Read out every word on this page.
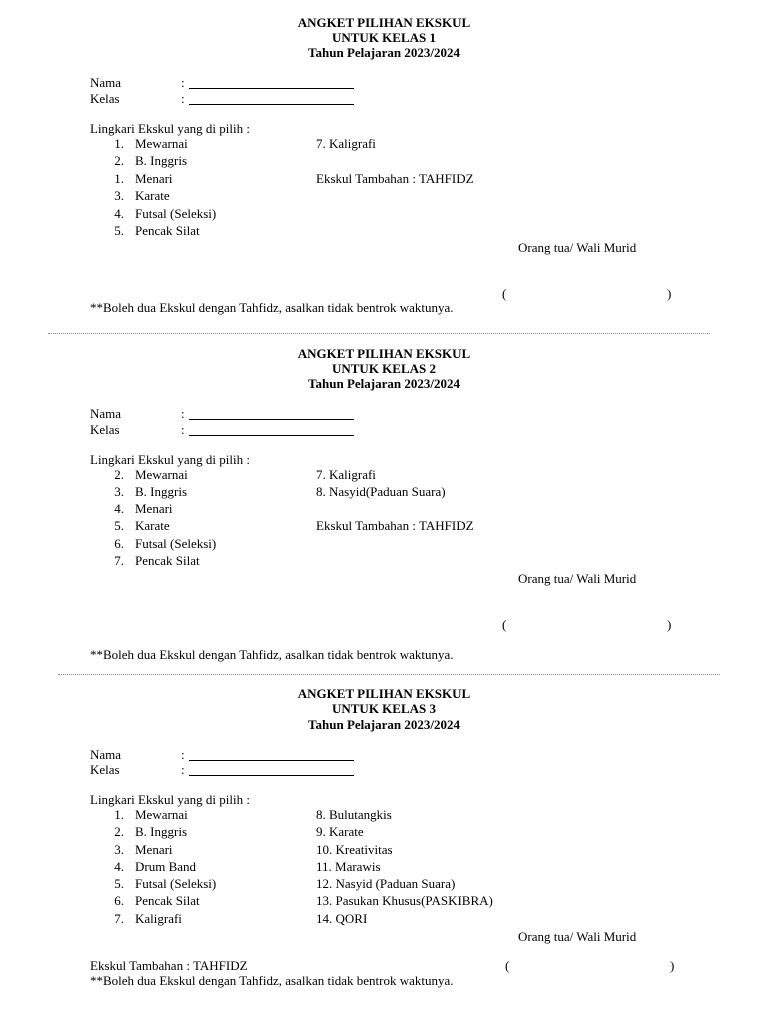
ANGKET PILIHAN EKSKUL
UNTUK KELAS 1
Tahun Pelajaran 2023/2024
Nama	:
Kelas	:
Lingkari Ekskul yang di pilih :
1. Mewarnai
2. B. Inggris
1. Menari
3. Karate
4. Futsal (Seleksi)
5. Pencak Silat
7. Kaligrafi
Ekskul Tambahan : TAHFIDZ
Orang tua/ Wali Murid
(	)
**Boleh dua Ekskul dengan Tahfidz, asalkan tidak bentrok waktunya.
ANGKET PILIHAN EKSKUL
UNTUK KELAS 2
Tahun Pelajaran 2023/2024
Nama	:
Kelas	:
Lingkari Ekskul yang di pilih :
2. Mewarnai
3. B. Inggris
4. Menari
5. Karate
6. Futsal (Seleksi)
7. Pencak Silat
7. Kaligrafi
8. Nasyid(Paduan Suara)
Ekskul Tambahan : TAHFIDZ
Orang tua/ Wali Murid
(	)
**Boleh dua Ekskul dengan Tahfidz, asalkan tidak bentrok waktunya.
ANGKET PILIHAN EKSKUL
UNTUK KELAS 3
Tahun Pelajaran 2023/2024
Nama	:
Kelas	:
Lingkari Ekskul yang di pilih :
1. Mewarnai
2. B. Inggris
3. Menari
4. Drum Band
5. Futsal (Seleksi)
6. Pencak Silat
7. Kaligrafi
8. Bulutangkis
9. Karate
10. Kreativitas
11. Marawis
12. Nasyid (Paduan Suara)
13. Pasukan Khusus(PASKIBRA)
14. QORI
Orang tua/ Wali Murid
Ekskul Tambahan : TAHFIDZ	(	)
**Boleh dua Ekskul dengan Tahfidz, asalkan tidak bentrok waktunya.
